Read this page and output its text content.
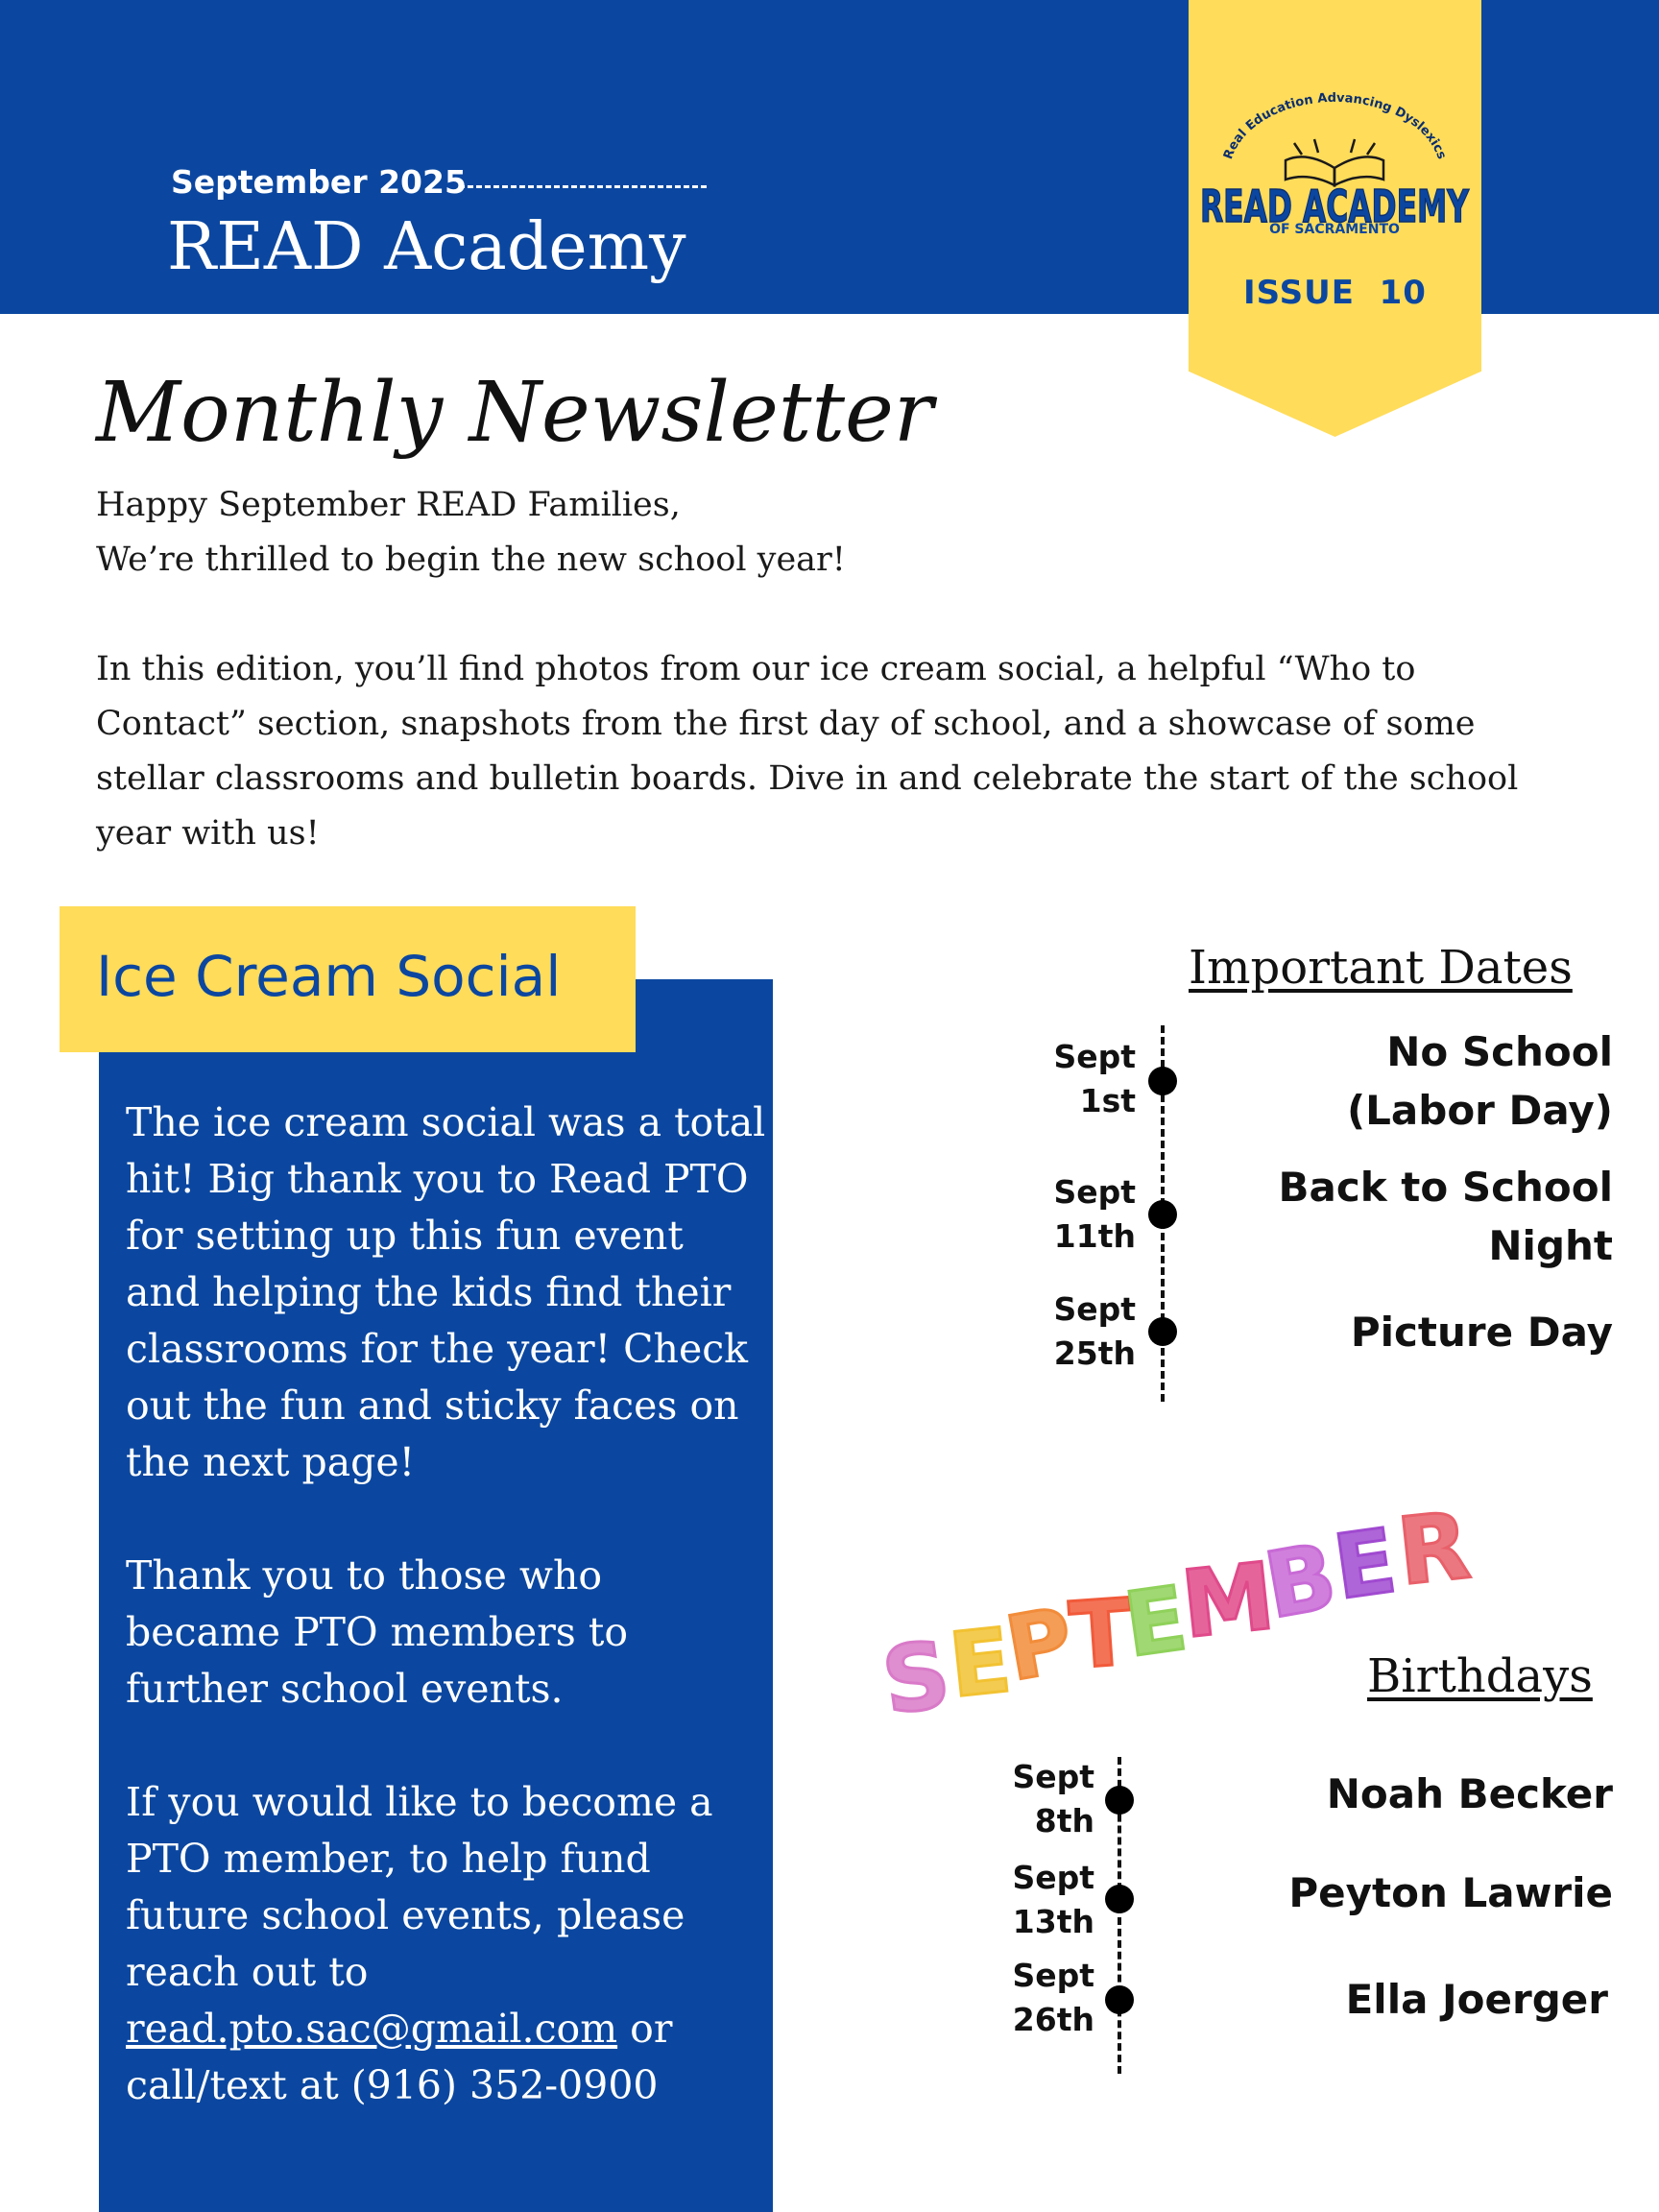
September 2025
READ Academy
Real Education Advancing Dyslexics
READ ACADEMY
OF SACRAMENTO
ISSUE  10
Monthly Newsletter

Happy September READ Families,

We’re thrilled to begin the new school year!

In this edition, you’ll find photos from our ice cream social, a helpful “Who to Contact” section, snapshots from the first day of school, and a showcase of some stellar classrooms and bulletin boards. Dive in and celebrate the start of the school year with us!

Ice Cream Social

The ice cream social was a total hit! Big thank you to Read PTO for setting up this fun event and helping the kids find their classrooms for the year! Check out the fun and sticky faces on the next page!

Thank you to those who became PTO members to further school events.

If you would like to become a PTO member, to help fund future school events, please reach out to read.pto.sac@gmail.com or call/text at (916) 352-0900

Important Dates
Sept
1st
No School
(Labor Day)
Sept
11th
Back to School
Night
Sept
25th	Picture Day
S
E
P
T
E
M
B
E
R
Birthdays
Sept
8th
Noah Becker
Sept
13th
Peyton Lawrie
Sept
26th	Ella Joerger
